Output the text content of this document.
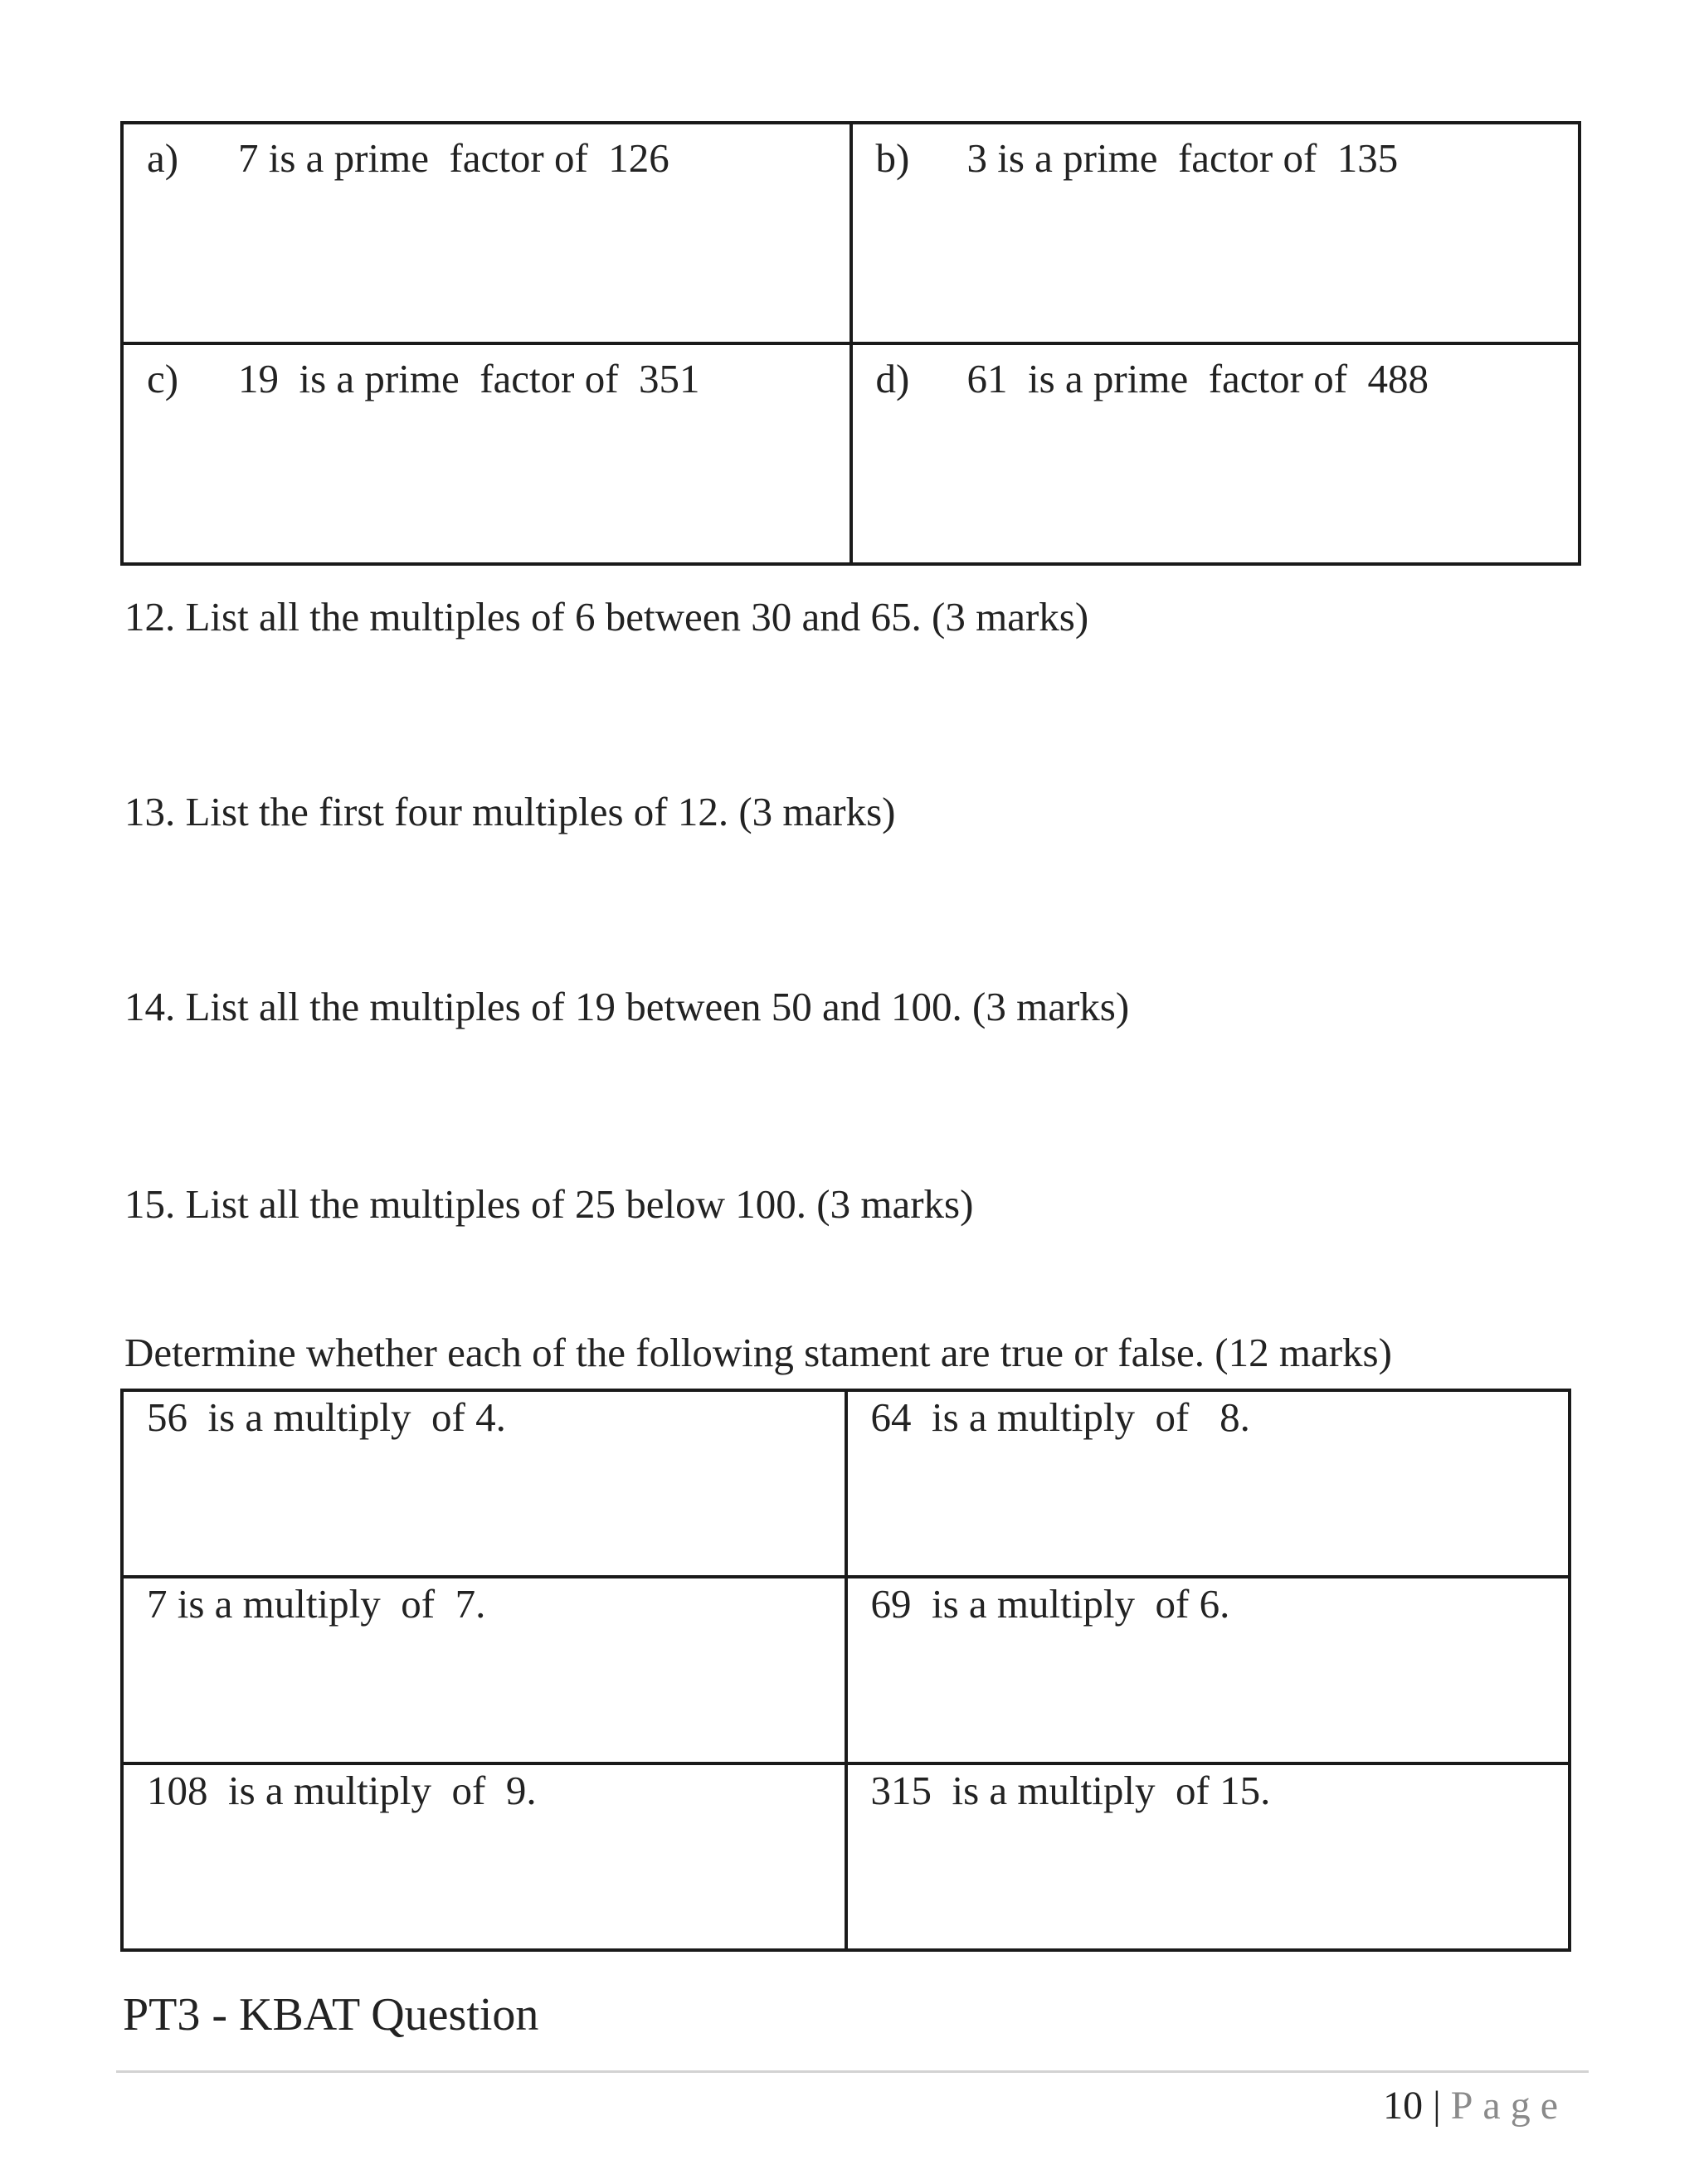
a) 7 is a prime  factor of  126	b) 3 is a prime  factor of  135

c) 19  is a prime  factor of  351	d) 61  is a prime  factor of  488
12. List all the multiples of 6 between 30 and 65. (3 marks)
13. List the first four multiples of 12. (3 marks)
14. List all the multiples of 19 between 50 and 100. (3 marks)
15. List all the multiples of 25 below 100. (3 marks)
Determine whether each of the following stament are true or false. (12 marks)
56  is a multiply  of 4.	64  is a multiply  of   8.

7 is a multiply  of  7.	69  is a multiply  of 6.

108  is a multiply  of  9.	315  is a multiply  of 15.
PT3 - KBAT Question
10 | Page
